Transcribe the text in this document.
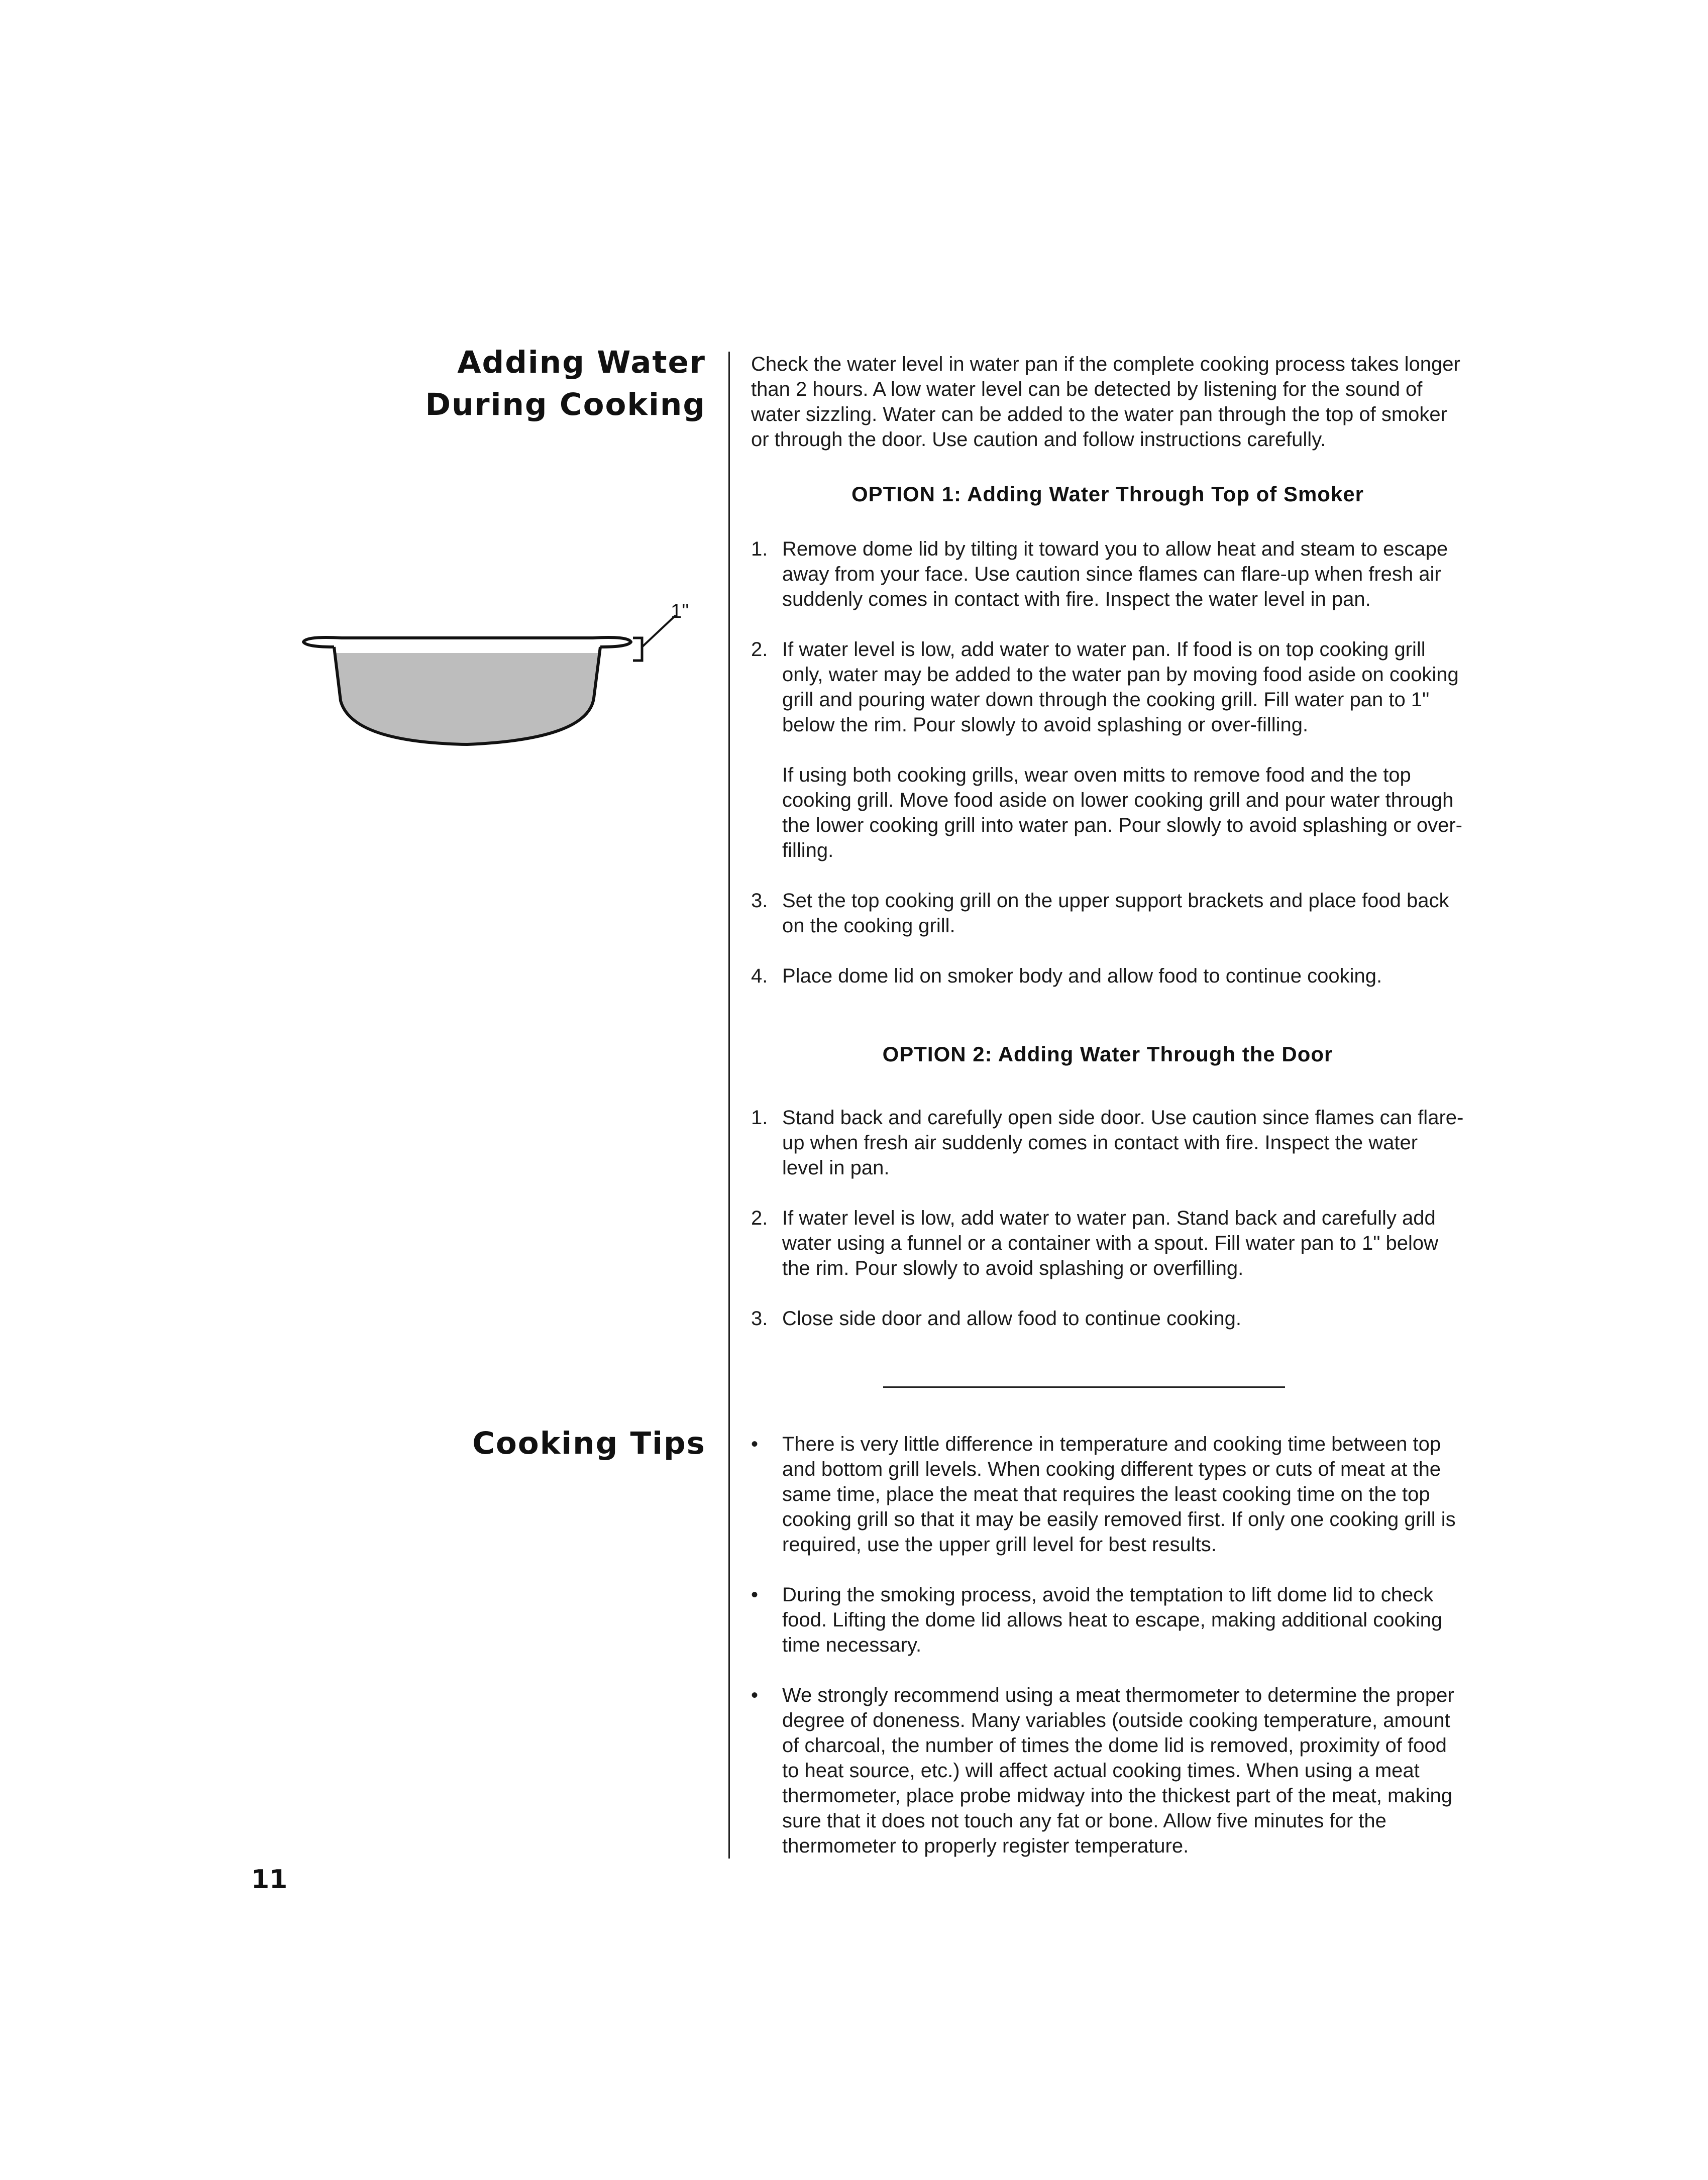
Adding Water
During Cooking
1"

Check the water level in water pan if the complete cooking process takes longer than 2 hours. A low water level can be detected by listening for the sound of water sizzling. Water can be added to the water pan through the top of smoker or through the door. Use caution and follow instructions carefully.

OPTION 1: Adding Water Through Top of Smoker
1. Remove dome lid by tilting it toward you to allow heat and steam to escape away from your face. Use caution since flames can flare-up when fresh air suddenly comes in contact with fire. Inspect the water level in pan.
2. If water level is low, add water to water pan. If food is on top cooking grill only, water may be added to the water pan by moving food aside on cooking grill and pouring water down through the cooking grill. Fill water pan to 1" below the rim. Pour slowly to avoid splashing or over-filling.

If using both cooking grills, wear oven mitts to remove food and the top cooking grill. Move food aside on lower cooking grill and pour water through the lower cooking grill into water pan. Pour slowly to avoid splashing or over-filling.

3. Set the top cooking grill on the upper support brackets and place food back on the cooking grill.
4. Place dome lid on smoker body and allow food to continue cooking.
OPTION 2: Adding Water Through the Door
1. Stand back and carefully open side door. Use caution since flames can flare-up when fresh air suddenly comes in contact with fire. Inspect the water level in pan.
2. If water level is low, add water to water pan. Stand back and carefully add water using a funnel or a container with a spout. Fill water pan to 1" below the rim. Pour slowly to avoid splashing or overfilling.
3. Close side door and allow food to continue cooking.
Cooking Tips • There is very little difference in temperature and cooking time between top and bottom grill levels. When cooking different types or cuts of meat at the same time, place the meat that requires the least cooking time on the top cooking grill so that it may be easily removed first. If only one cooking grill is required, use the upper grill level for best results.
• During the smoking process, avoid the temptation to lift dome lid to check food. Lifting the dome lid allows heat to escape, making additional cooking time necessary.
• We strongly recommend using a meat thermometer to determine the proper degree of doneness. Many variables (outside cooking temperature, amount of charcoal, the number of times the dome lid is removed, proximity of food to heat source, etc.) will affect actual cooking times. When using a meat thermometer, place probe midway into the thickest part of the meat, making sure that it does not touch any fat or bone. Allow five minutes for the thermometer to properly register temperature.
11
